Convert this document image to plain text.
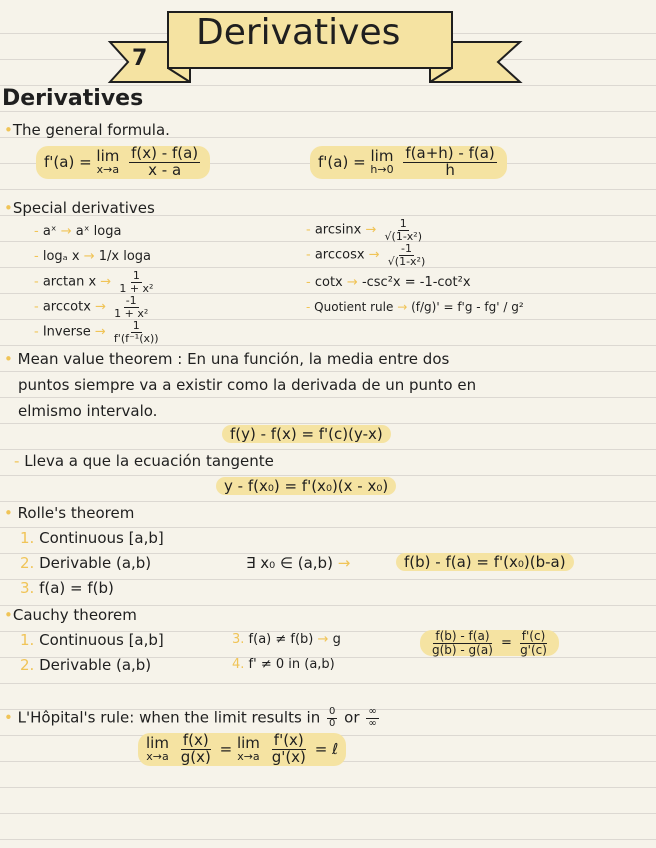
7
Derivatives
Derivatives
•The general formula.
f'(a) = lim
x→a
$\frac{f(x) - f(a)}{x - a}$	f'(a) = lim
h→0
$\frac{f(a+h) - f(a)}{h}$
•Special derivatives
- aˣ → aˣ loga
- logₐ x → 1/x loga
- $\arctan x \to \frac{1}{\text{1 + x²}}$
- $arccotx \to \frac{-1}{\text{1 + x²}}$
- Inverse → $\frac{1}{\text{f'(f⁻¹(x))}}$
- $\arcsin x \to \frac{1}{\text{√(1-x²)}}$
- $\arccos x \to \frac{-1}{\text{√(1-x²)}}$
- cotx → -csc²x = -1-cot²x
- Quotient rule → (f/g)' = f'g - fg' / g²
• Mean value theorem : En una función, la media entre dos
puntos siempre va a existir como la derivada de un punto en
elmismo intervalo.
f(y) - f(x) = f'(c)(y-x)
- Lleva a que la ecuación tangente
y - f(x₀) = f'(x₀)(x - x₀)
• Rolle's theorem
1. Continuous [a,b]
2. Derivable (a,b)
3. f(a) = f(b)
∃ x₀ ∈ (a,b) →	f(b) - f(a) = f'(x₀)(b-a)
•Cauchy theorem
1. Continuous [a,b]
2. Derivable (a,b)
3. f(a) ≠ f(b) → g
4. f' ≠ 0 in (a,b)
$\frac{f(b) - f(a)}{g(b) - g(a)} = \frac{f'(c)}{g'(c)}$
• L'Hôpital's rule: when the limit results in $\frac{0}{0}$ or $\frac{\infty}{\infty}$
lim
x→a
$\frac{f(x)}{g(x)} = \lim$
x→a
$\frac{f'(x)}{g'(x)}$ = ℓ
